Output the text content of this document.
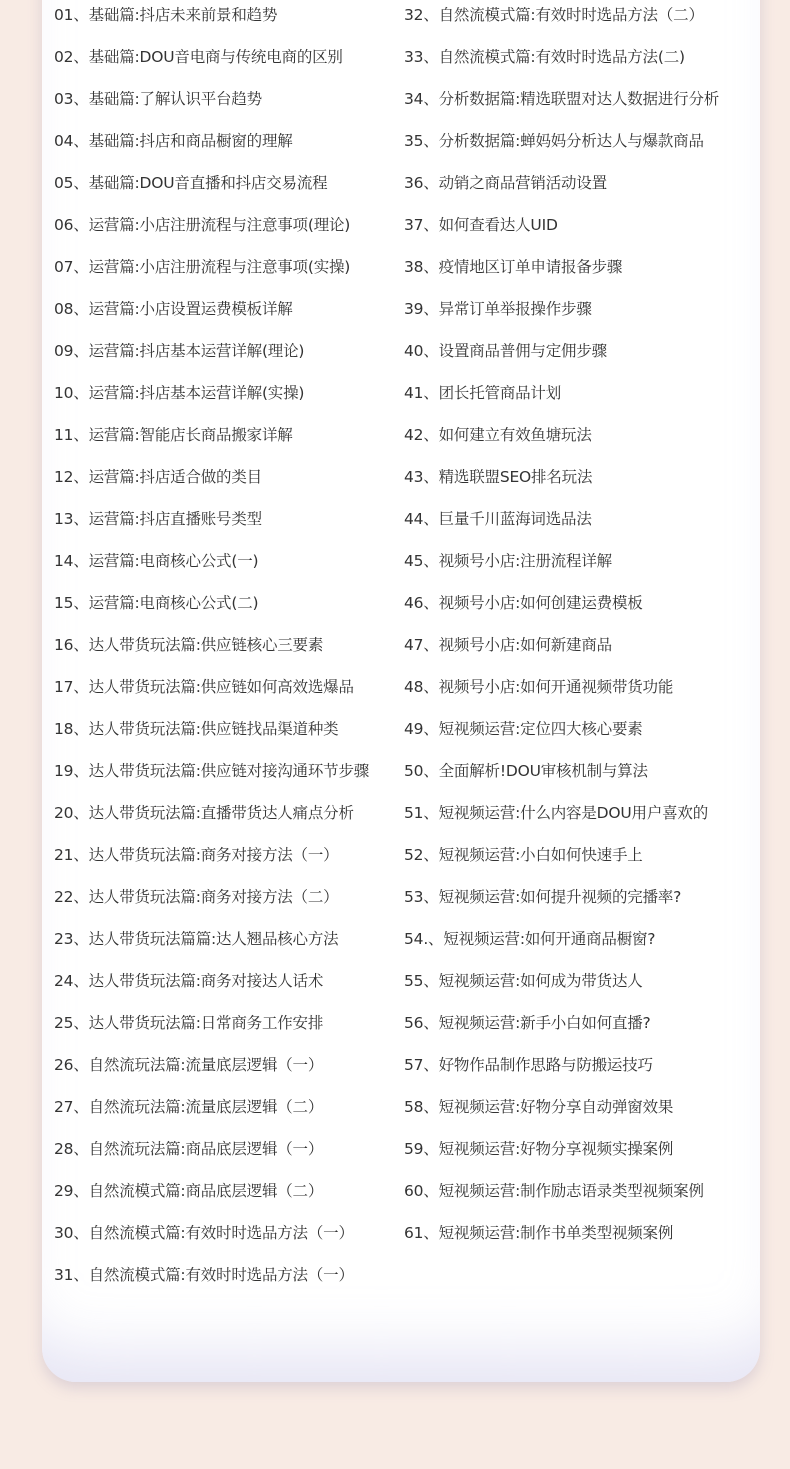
01、基础篇:抖店未来前景和趋势
02、基础篇:DOU音电商与传统电商的区别
03、基础篇:了解认识平台趋势
04、基础篇:抖店和商品橱窗的理解
05、基础篇:DOU音直播和抖店交易流程
06、运营篇:小店注册流程与注意事项(理论)
07、运营篇:小店注册流程与注意事项(实操)
08、运营篇:小店设置运费模板详解
09、运营篇:抖店基本运营详解(理论)
10、运营篇:抖店基本运营详解(实操)
11、运营篇:智能店长商品搬家详解
12、运营篇:抖店适合做的类目
13、运营篇:抖店直播账号类型
14、运营篇:电商核心公式(一)
15、运营篇:电商核心公式(二)
16、达人带货玩法篇:供应链核心三要素
17、达人带货玩法篇:供应链如何高效选爆品
18、达人带货玩法篇:供应链找品渠道种类
19、达人带货玩法篇:供应链对接沟通环节步骤
20、达人带货玩法篇:直播带货达人痛点分析
21、达人带货玩法篇:商务对接方法（一）
22、达人带货玩法篇:商务对接方法（二）
23、达人带货玩法篇篇:达人翘品核心方法
24、达人带货玩法篇:商务对接达人话术
25、达人带货玩法篇:日常商务工作安排
26、自然流玩法篇:流量底层逻辑（一）
27、自然流玩法篇:流量底层逻辑（二）
28、自然流玩法篇:商品底层逻辑（一）
29、自然流模式篇:商品底层逻辑（二）
30、自然流模式篇:有效时时选品方法（一）
31、自然流模式篇:有效时时选品方法（一）
32、自然流模式篇:有效时时选品方法（二）
33、自然流模式篇:有效时时选品方法(二)
34、分析数据篇:精选联盟对达人数据进行分析
35、分析数据篇:蝉妈妈分析达人与爆款商品
36、动销之商品营销活动设置
37、如何查看达人UID
38、疫情地区订单申请报备步骤
39、异常订单举报操作步骤
40、设置商品普佣与定佣步骤
41、团长托管商品计划
42、如何建立有效鱼塘玩法
43、精选联盟SEO排名玩法
44、巨量千川蓝海词选品法
45、视频号小店:注册流程详解
46、视频号小店:如何创建运费模板
47、视频号小店:如何新建商品
48、视频号小店:如何开通视频带货功能
49、短视频运营:定位四大核心要素
50、全面解析!DOU审核机制与算法
51、短视频运营:什么内容是DOU用户喜欢的
52、短视频运营:小白如何快速手上
53、短视频运营:如何提升视频的完播率?
54.、短视频运营:如何开通商品橱窗?
55、短视频运营:如何成为带货达人
56、短视频运营:新手小白如何直播?
57、好物作品制作思路与防搬运技巧
58、短视频运营:好物分享自动弹窗效果
59、短视频运营:好物分享视频实操案例
60、短视频运营:制作励志语录类型视频案例
61、短视频运营:制作书单类型视频案例
